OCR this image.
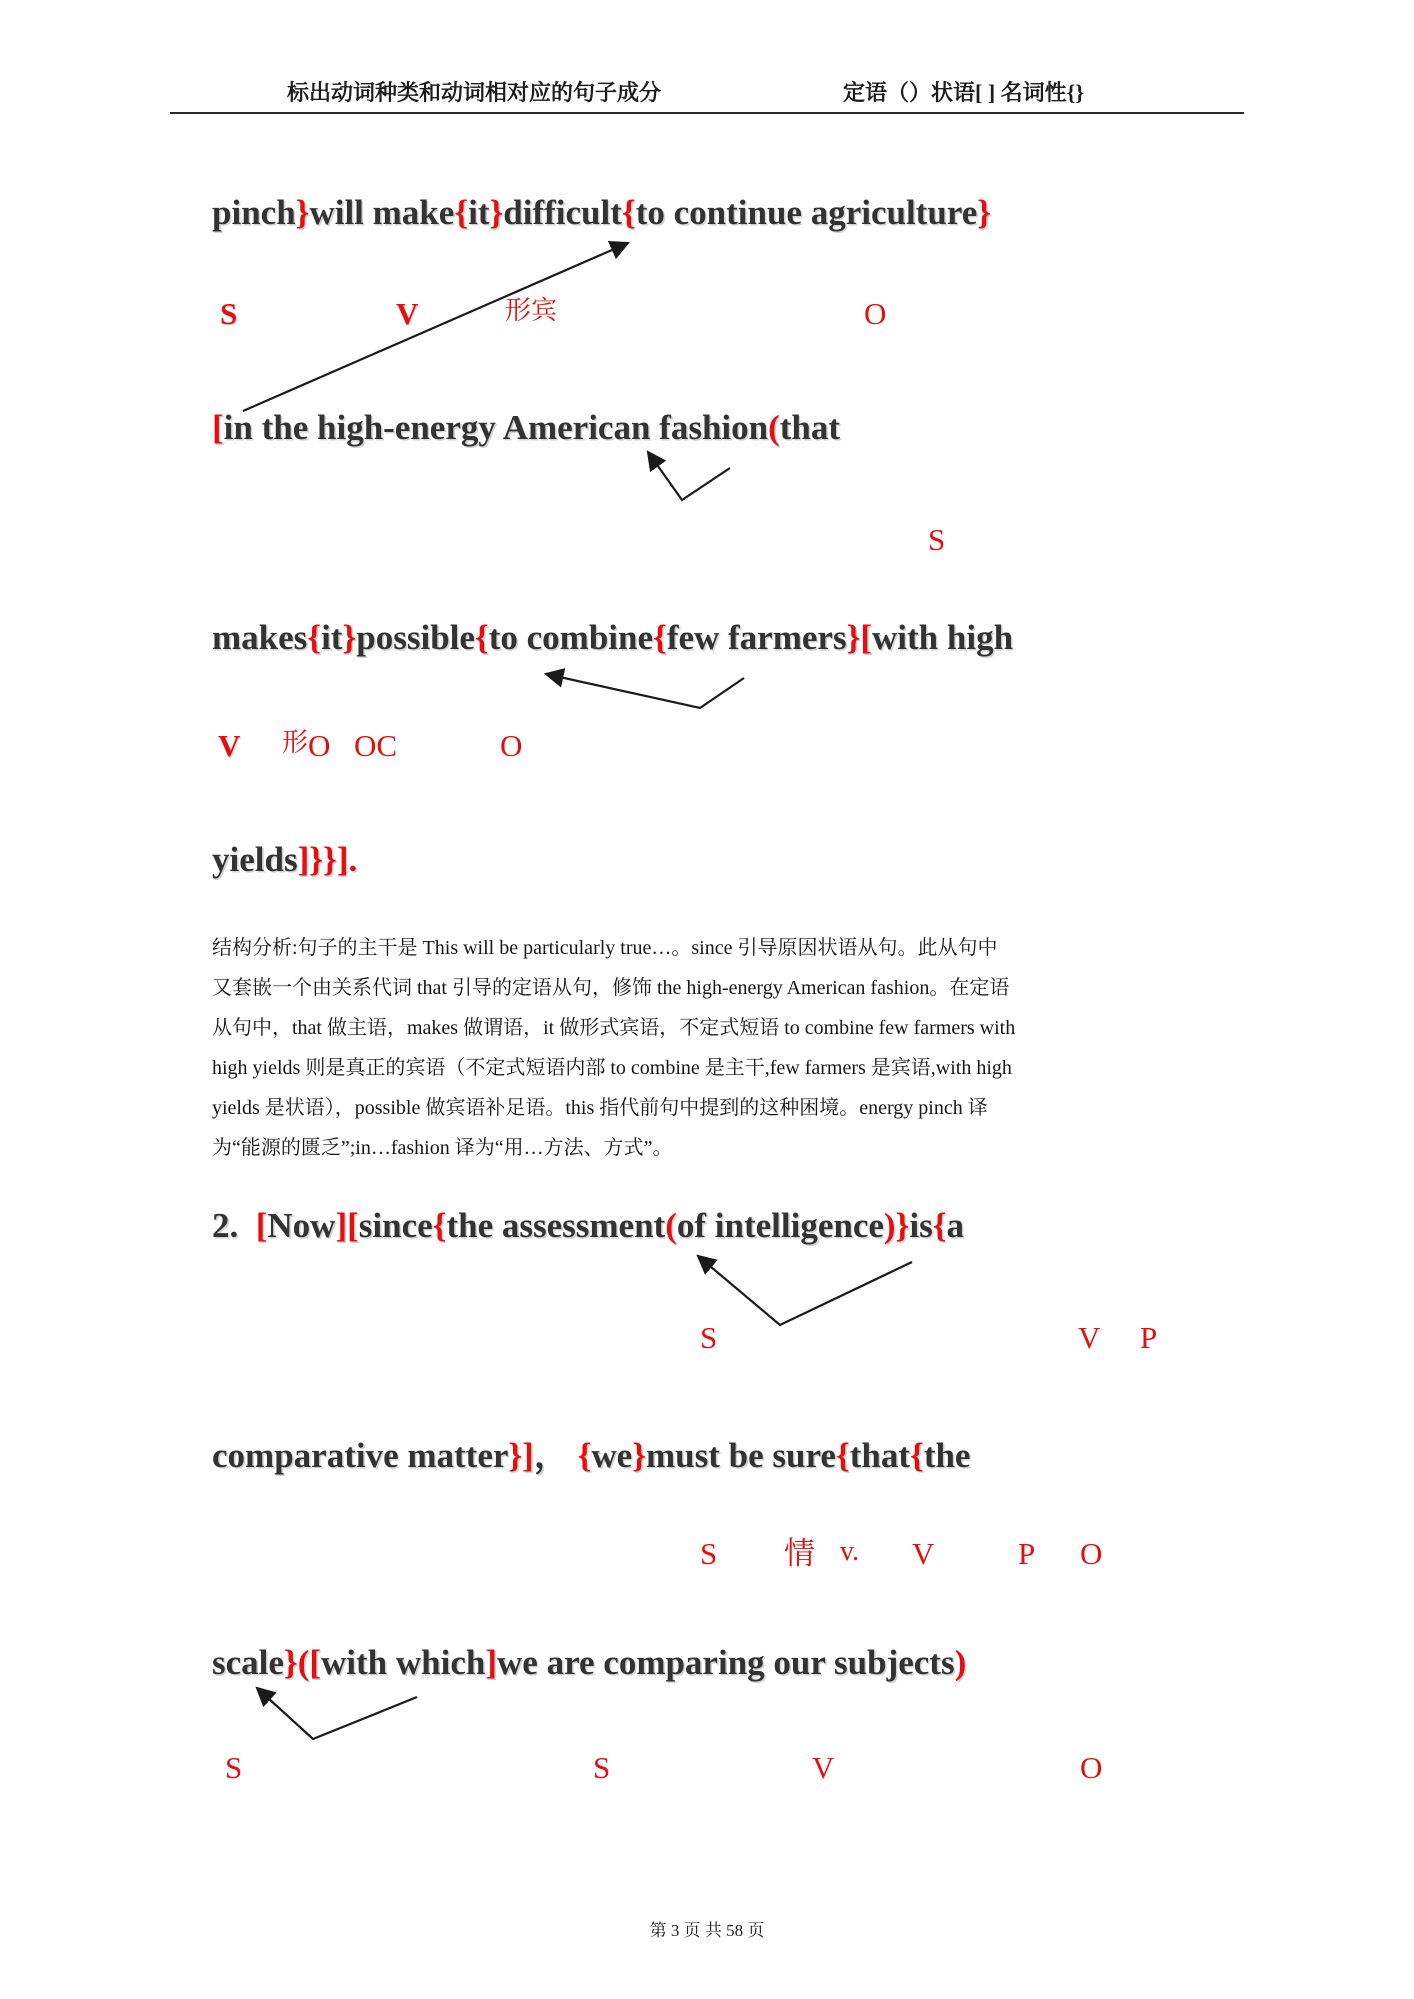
标出动词种类和动词相对应的句子成分	定语（）状语[ ] 名词性{}
pinch}will make{it}difficult{to continue agriculture}
[in the high-energy American fashion(that
makes{it}possible{to combine{few farmers}[with high
yields]}}].
2.  [Now][since{the assessment(of intelligence)}is{a
comparative matter}]， {we}must be sure{that{the
scale}([with which]we are comparing our subjects)
S	V	形宾	O
S
V 形 O OC	O
S	V P
S 情 v. V	P O
S	S	V	O
结构分析:句子的主干是 This will be particularly true…。since 引导原因状语从句。此从句中
又套嵌一个由关系代词 that 引导的定语从句，修饰 the high-energy American fashion。在定语
从句中，that 做主语，makes 做谓语，it 做形式宾语，不定式短语 to combine few farmers with
high yields 则是真正的宾语（不定式短语内部 to combine 是主干,few farmers 是宾语,with high
yields 是状语），possible 做宾语补足语。this 指代前句中提到的这种困境。energy pinch 译
为“能源的匮乏”;in…fashion 译为“用…方法、方式”。
第 3 页 共 58 页
